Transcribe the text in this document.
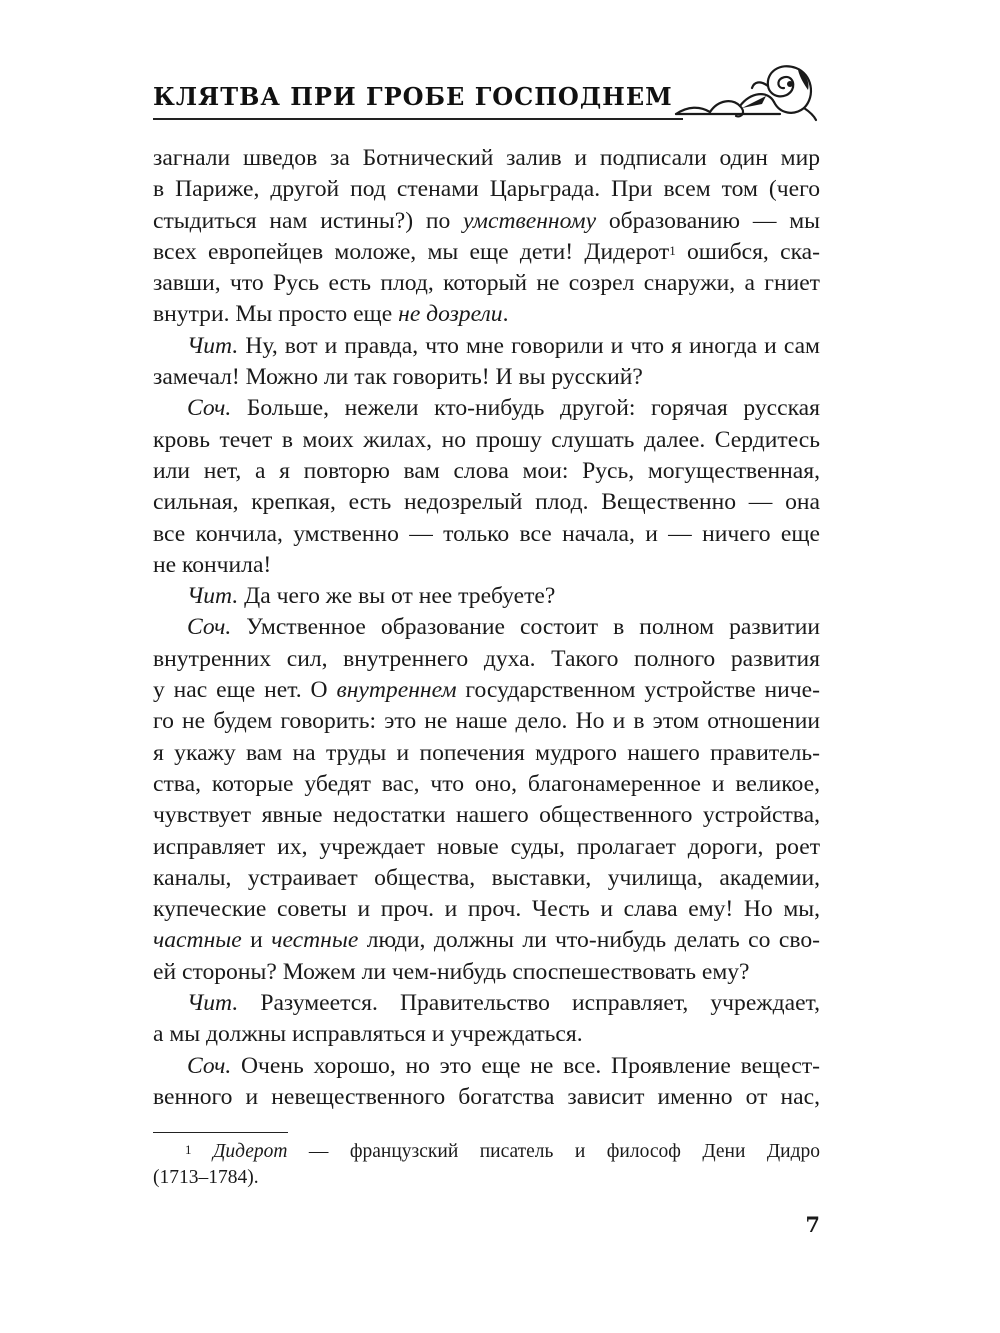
КЛЯТВА ПРИ ГРОБЕ ГОСПОДНЕМ

загнали шведов за Ботнический залив и подписали один мир
в Париже, другой под стенами Царьграда. При всем том (чего
стыдиться нам истины?) по умственному образованию — мы
всех европейцев моложе, мы еще дети! Дидерот$^1$ ошибся, ска-
завши, что Русь есть плод, который не созрел снаружи, а гниет
внутри. Мы просто еще не дозрели.

Чит. Ну, вот и правда, что мне говорили и что я иногда и сам
замечал! Можно ли так говорить! И вы русский?

Соч. Больше, нежели кто-нибудь другой: горячая русская
кровь течет в моих жилах, но прошу слушать далее. Сердитесь
или нет, а я повторю вам слова мои: Русь, могущественная,
сильная, крепкая, есть недозрелый плод. Вещественно — она
все кончила, умственно — только все начала, и — ничего еще
не кончила!

Чит. Да чего же вы от нее требуете?

Соч. Умственное образование состоит в полном развитии
внутренних сил, внутреннего духа. Такого полного развития
у нас еще нет. О внутреннем государственном устройстве ниче-
го не будем говорить: это не наше дело. Но и в этом отношении
я укажу вам на труды и попечения мудрого нашего правитель-
ства, которые убедят вас, что оно, благонамеренное и великое,
чувствует явные недостатки нашего общественного устройства,
исправляет их, учреждает новые суды, пролагает дороги, роет
каналы, устраивает общества, выставки, училища, академии,
купеческие советы и проч. и проч. Честь и слава ему! Но мы,
частные и честные люди, должны ли что-нибудь делать со сво-
ей стороны? Можем ли чем-нибудь споспешествовать ему?

Чит. Разумеется. Правительство исправляет, учреждает,
а мы должны исправляться и учреждаться.

Соч. Очень хорошо, но это еще не все. Проявление вещест-
венного и невещественного богатства зависит именно от нас,

$^1$ Дидерот — французский писатель и философ Дени Дидро
(1713–1784).
7
